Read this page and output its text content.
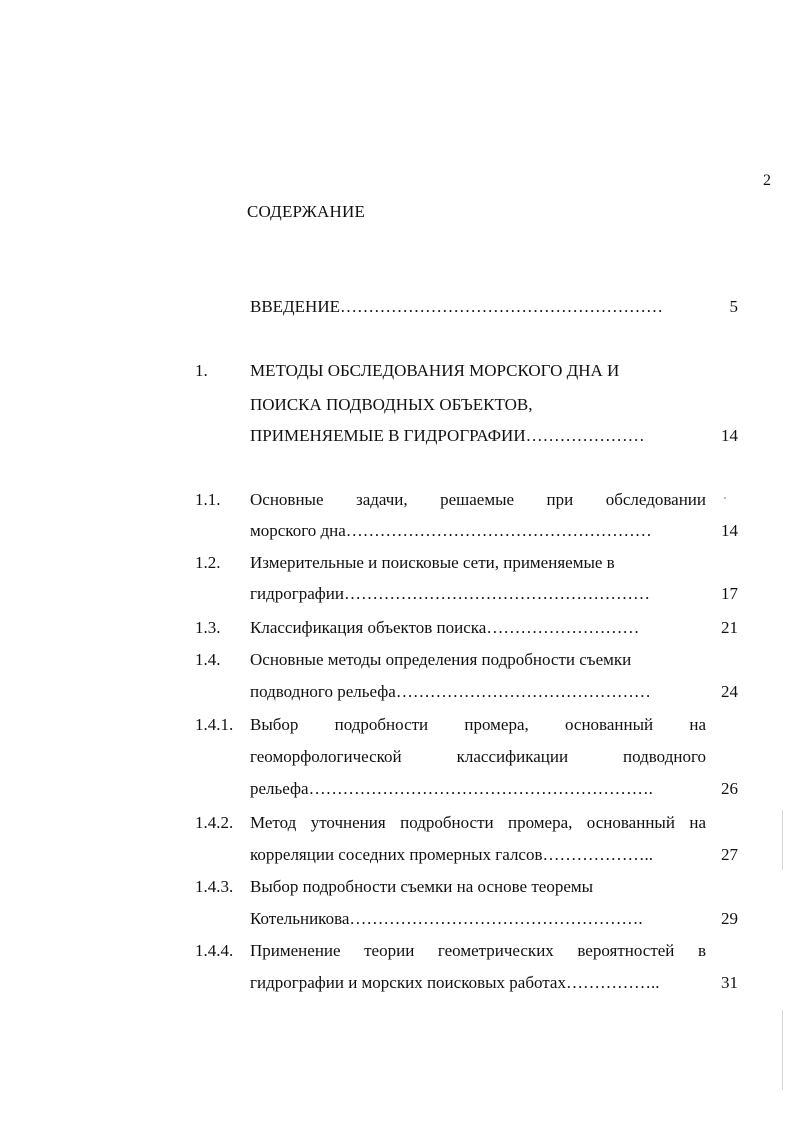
2
СОДЕРЖАНИЕ
ВВЕДЕНИЕ…………………………………………………	5
1. МЕТОДЫ ОБСЛЕДОВАНИЯ МОРСКОГО ДНА И
ПОИСКА ПОДВОДНЫХ ОБЪЕКТОВ,
ПРИМЕНЯЕМЫЕ В ГИДРОГРАФИИ…………………	14
1.1. Основные задачи, решаемые при обследовании
морского дна………………………………………………	14
1.2. Измерительные и поисковые сети, применяемые в
гидрографии………………………………………………	17
1.3. Классификация объектов поиска………………………	21
1.4. Основные методы определения подробности съемки
подводного рельефа………………………………………	24
1.4.1. Выбор подробности промера, основанный на
геоморфологической классификации подводного
рельефа…………………………………………………….	26
1.4.2. Метод уточнения подробности промера, основанный на
корреляции соседних промерных галсов………………..	27
1.4.3. Выбор подробности съемки на основе теоремы
Котельникова…………………………………………….	29
1.4.4. Применение теории геометрических вероятностей в
гидрографии и морских поисковых работах……………..	31
